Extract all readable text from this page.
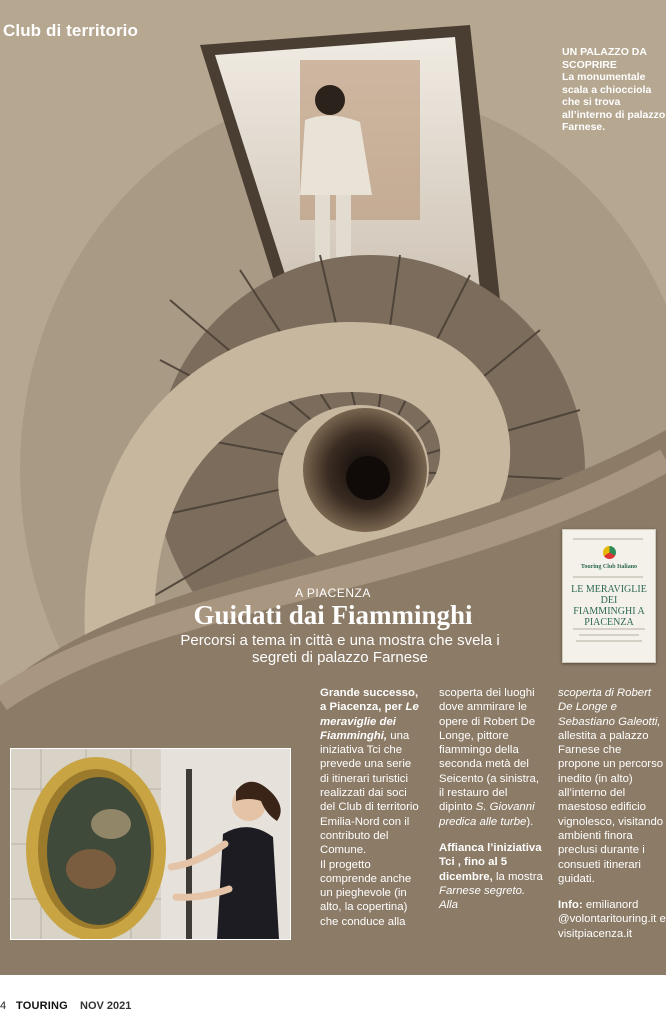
Club di territorio
UN PALAZZO DA SCOPRIRE
La monumentale scala a chiocciola che si trova all’interno di palazzo Farnese.
Touring Club Italiano
LE MERAVIGLIE DEI FIAMMINGHI A PIACENZA

A PIACENZA

Guidati dai Fiamminghi

Percorsi a tema in città e una mostra che svela i segreti di palazzo Farnese

Grande successo, a Piacenza, per Le meraviglie dei Fiamminghi, una iniziativa Tci che prevede una serie di itinerari turistici realizzati dai soci del Club di territorio Emilia-Nord con il contributo del Comune.

Il progetto comprende anche un pieghevole (in alto, la copertina) che conduce alla

scoperta dei luoghi dove ammirare le opere di Robert De Longe, pittore fiammingo della seconda metà del Seicento (a sinistra, il restauro del dipinto S. Giovanni predica alle turbe).

Affianca l’iniziativa Tci , fino al 5 dicembre, la mostra Farnese segreto. Alla

scoperta di Robert De Longe e Sebastiano Galeotti, allestita a palazzo Farnese che propone un percorso inedito (in alto) all’interno del maestoso edificio vignolesco, visitando ambienti finora preclusi durante i consueti itinerari guidati.

Info: emilianord @volontaritouring.it e visitpiacenza.it

4 TOURING NOV 2021
